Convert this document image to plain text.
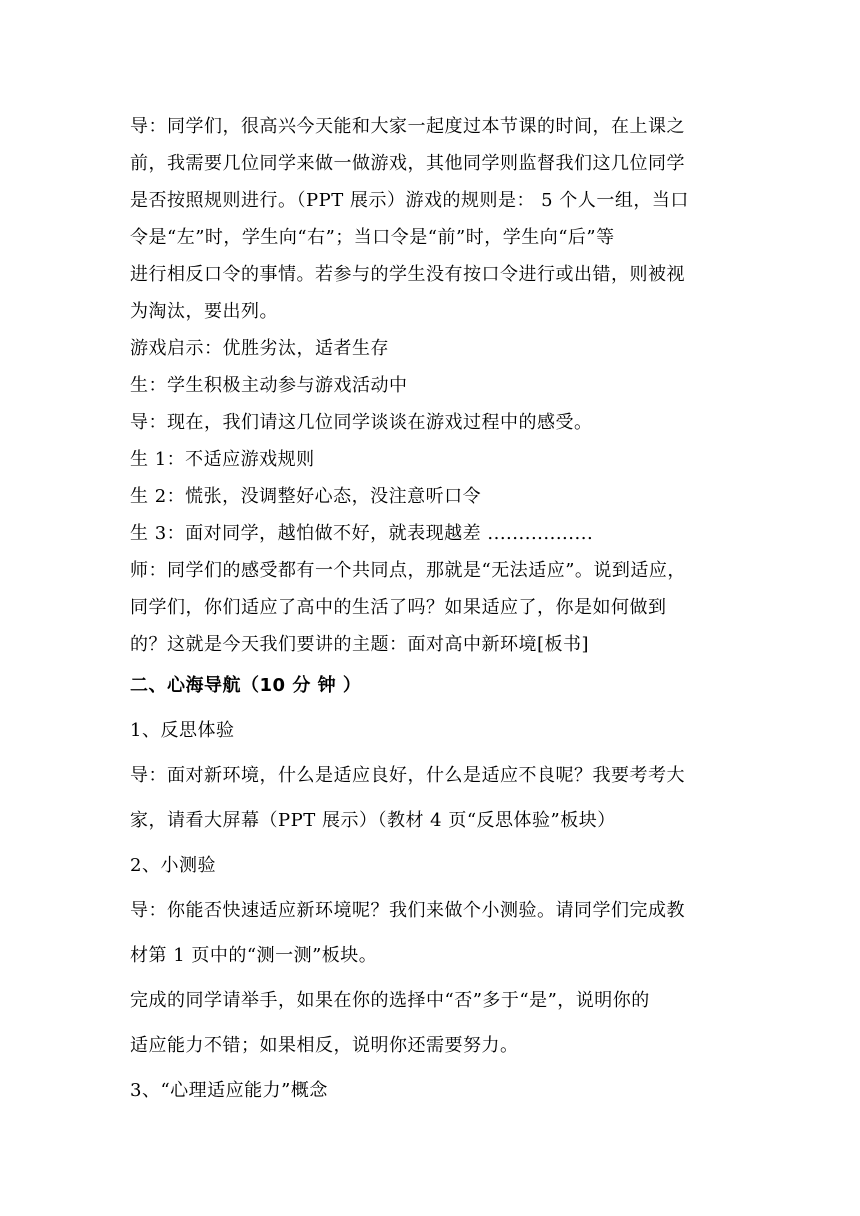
导：同学们，很高兴今天能和大家一起度过本节课的时间，在上课之
前，我需要几位同学来做一做游戏，其他同学则监督我们这几位同学
是否按照规则进行。（PPT 展示）游戏的规则是： 5 个人一组，当口
令是“左”时，学生向“右”；当口令是“前”时，学生向“后”等
进行相反口令的事情。若参与的学生没有按口令进行或出错，则被视
为淘汰，要出列。
游戏启示：优胜劣汰，适者生存
生：学生积极主动参与游戏活动中
导：现在，我们请这几位同学谈谈在游戏过程中的感受。
生 1：不适应游戏规则
生 2：慌张，没调整好心态，没注意听口令
生 3：面对同学，越怕做不好，就表现越差 .................
师：同学们的感受都有一个共同点，那就是“无法适应”。说到适应，
同学们，你们适应了高中的生活了吗？如果适应了，你是如何做到
的？这就是今天我们要讲的主题：面对高中新环境[板书]
二、心海导航（10 分 钟 ）
1、反思体验
导：面对新环境，什么是适应良好，什么是适应不良呢？我要考考大
家，请看大屏幕（PPT 展示）（教材 4 页“反思体验”板块）
2、小测验
导：你能否快速适应新环境呢？我们来做个小测验。请同学们完成教
材第 1 页中的“测一测”板块。
完成的同学请举手，如果在你的选择中“否”多于“是”，说明你的
适应能力不错；如果相反，说明你还需要努力。
3、“心理适应能力”概念
